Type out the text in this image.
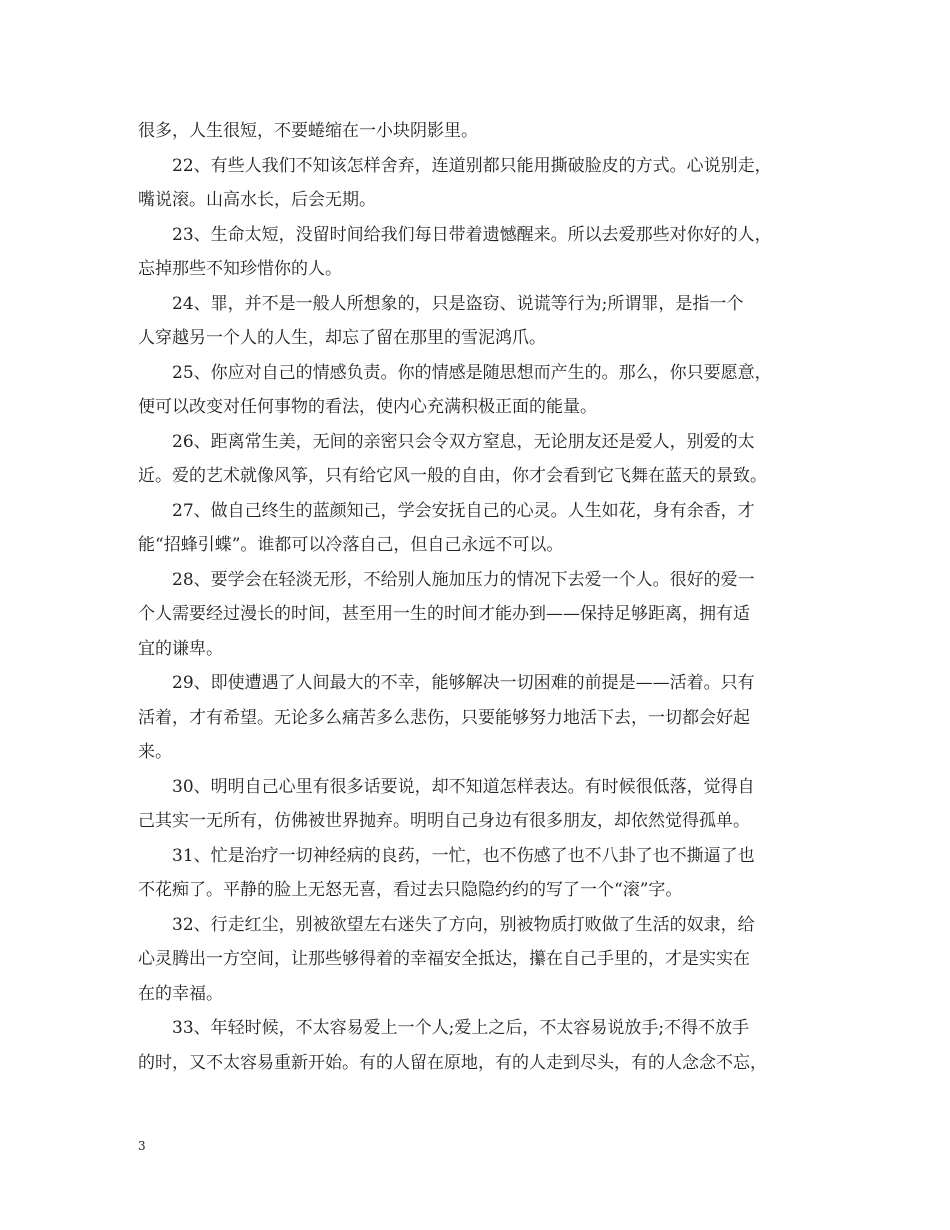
很多，人生很短，不要蜷缩在一小块阴影里。
22、有些人我们不知该怎样舍弃，连道别都只能用撕破脸皮的方式。心说别走，
嘴说滚。山高水长，后会无期。
23、生命太短，没留时间给我们每日带着遗憾醒来。所以去爱那些对你好的人，
忘掉那些不知珍惜你的人。
24、罪，并不是一般人所想象的，只是盗窃、说谎等行为;所谓罪，是指一个
人穿越另一个人的人生，却忘了留在那里的雪泥鸿爪。
25、你应对自己的情感负责。你的情感是随思想而产生的。那么，你只要愿意，
便可以改变对任何事物的看法，使内心充满积极正面的能量。
26、距离常生美，无间的亲密只会令双方窒息，无论朋友还是爱人，别爱的太
近。爱的艺术就像风筝，只有给它风一般的自由，你才会看到它飞舞在蓝天的景致。
27、做自己终生的蓝颜知己，学会安抚自己的心灵。人生如花，身有余香，才
能“招蜂引蝶”。谁都可以冷落自己，但自己永远不可以。
28、要学会在轻淡无形，不给别人施加压力的情况下去爱一个人。很好的爱一
个人需要经过漫长的时间，甚至用一生的时间才能办到——保持足够距离，拥有适
宜的谦卑。
29、即使遭遇了人间最大的不幸，能够解决一切困难的前提是——活着。只有
活着，才有希望。无论多么痛苦多么悲伤，只要能够努力地活下去，一切都会好起
来。
30、明明自己心里有很多话要说，却不知道怎样表达。有时候很低落，觉得自
己其实一无所有，仿佛被世界抛弃。明明自己身边有很多朋友，却依然觉得孤单。
31、忙是治疗一切神经病的良药，一忙，也不伤感了也不八卦了也不撕逼了也
不花痴了。平静的脸上无怒无喜，看过去只隐隐约约的写了一个“滚”字。
32、行走红尘，别被欲望左右迷失了方向，别被物质打败做了生活的奴隶，给
心灵腾出一方空间，让那些够得着的幸福安全抵达，攥在自己手里的，才是实实在
在的幸福。
33、年轻时候，不太容易爱上一个人;爱上之后，不太容易说放手;不得不放手
的时，又不太容易重新开始。有的人留在原地，有的人走到尽头，有的人念念不忘，
3
